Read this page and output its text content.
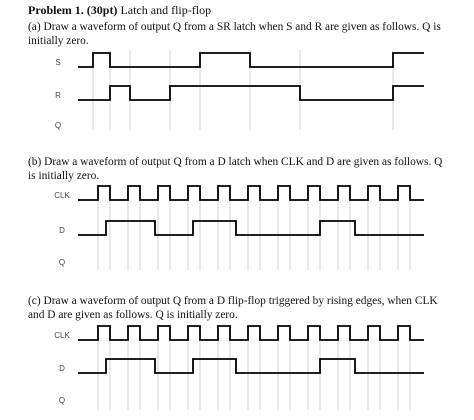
Problem 1. (30pt) Latch and flip-flop
(a) Draw a waveform of output Q from a SR latch when S and R are given as follows. Q is initially zero.
S
R
Q
(b) Draw a waveform of output Q from a D latch when CLK and D are given as follows. Q is initially zero.
CLK
D
Q
(c) Draw a waveform of output Q from a D flip-flop triggered by rising edges, when CLK and D are given as follows. Q is initially zero.
CLK
D
Q
